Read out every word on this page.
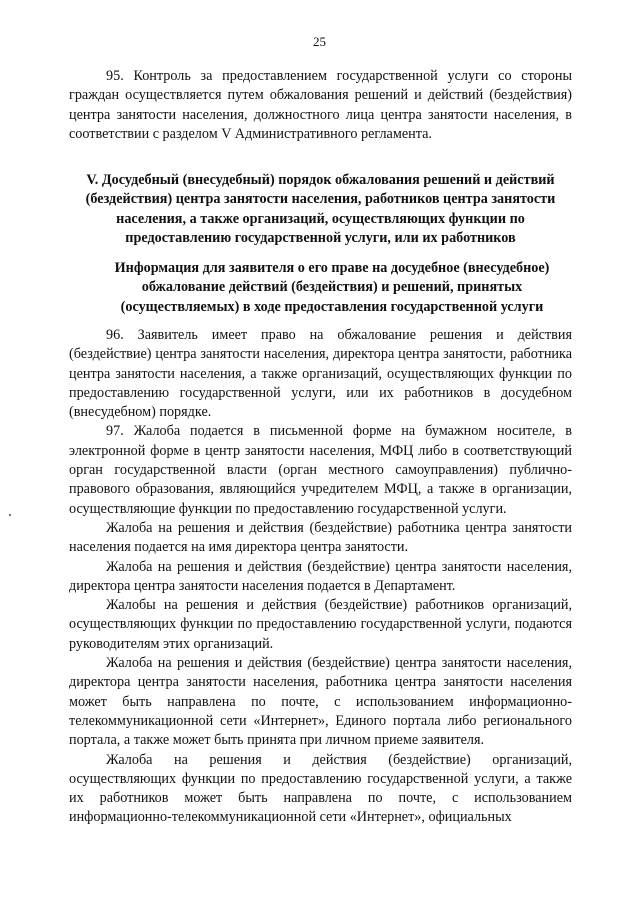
25

95. Контроль за предоставлением государственной услуги со стороны граждан осуществляется путем обжалования решений и действий (бездействия) центра занятости населения, должностного лица центра занятости населения, в соответствии с разделом V Административного регламента.

V. Досудебный (внесудебный) порядок обжалования решений и действий (бездействия) центра занятости населения, работников центра занятости населения, а также организаций, осуществляющих функции по предоставлению государственной услуги, или их работников
Информация для заявителя о его праве на досудебное (внесудебное) обжалование действий (бездействия) и решений, принятых (осуществляемых) в ходе предоставления государственной услуги

96. Заявитель имеет право на обжалование решения и действия (бездействие) центра занятости населения, директора центра занятости, работника центра занятости населения, а также организаций, осуществляющих функции по предоставлению государственной услуги, или их работников в досудебном (внесудебном) порядке.

97. Жалоба подается в письменной форме на бумажном носителе, в электронной форме в центр занятости населения, МФЦ либо в соответствующий орган государственной власти (орган местного самоуправления) публично-правового образования, являющийся учредителем МФЦ, а также в организации, осуществляющие функции по предоставлению государственной услуги.

Жалоба на решения и действия (бездействие) работника центра занятости населения подается на имя директора центра занятости.

Жалоба на решения и действия (бездействие) центра занятости населения, директора центра занятости населения подается в Департамент.

Жалобы на решения и действия (бездействие) работников организаций, осуществляющих функции по предоставлению государственной услуги, подаются руководителям этих организаций.

Жалоба на решения и действия (бездействие) центра занятости населения, директора центра занятости населения, работника центра занятости населения может быть направлена по почте, с использованием информационно-телекоммуникационной сети «Интернет», Единого портала либо регионального портала, а также может быть принята при личном приеме заявителя.

Жалоба на решения и действия (бездействие) организаций, осуществляющих функции по предоставлению государственной услуги, а также их работников может быть направлена по почте, с использованием информационно-телекоммуникационной сети «Интернет», официальных
